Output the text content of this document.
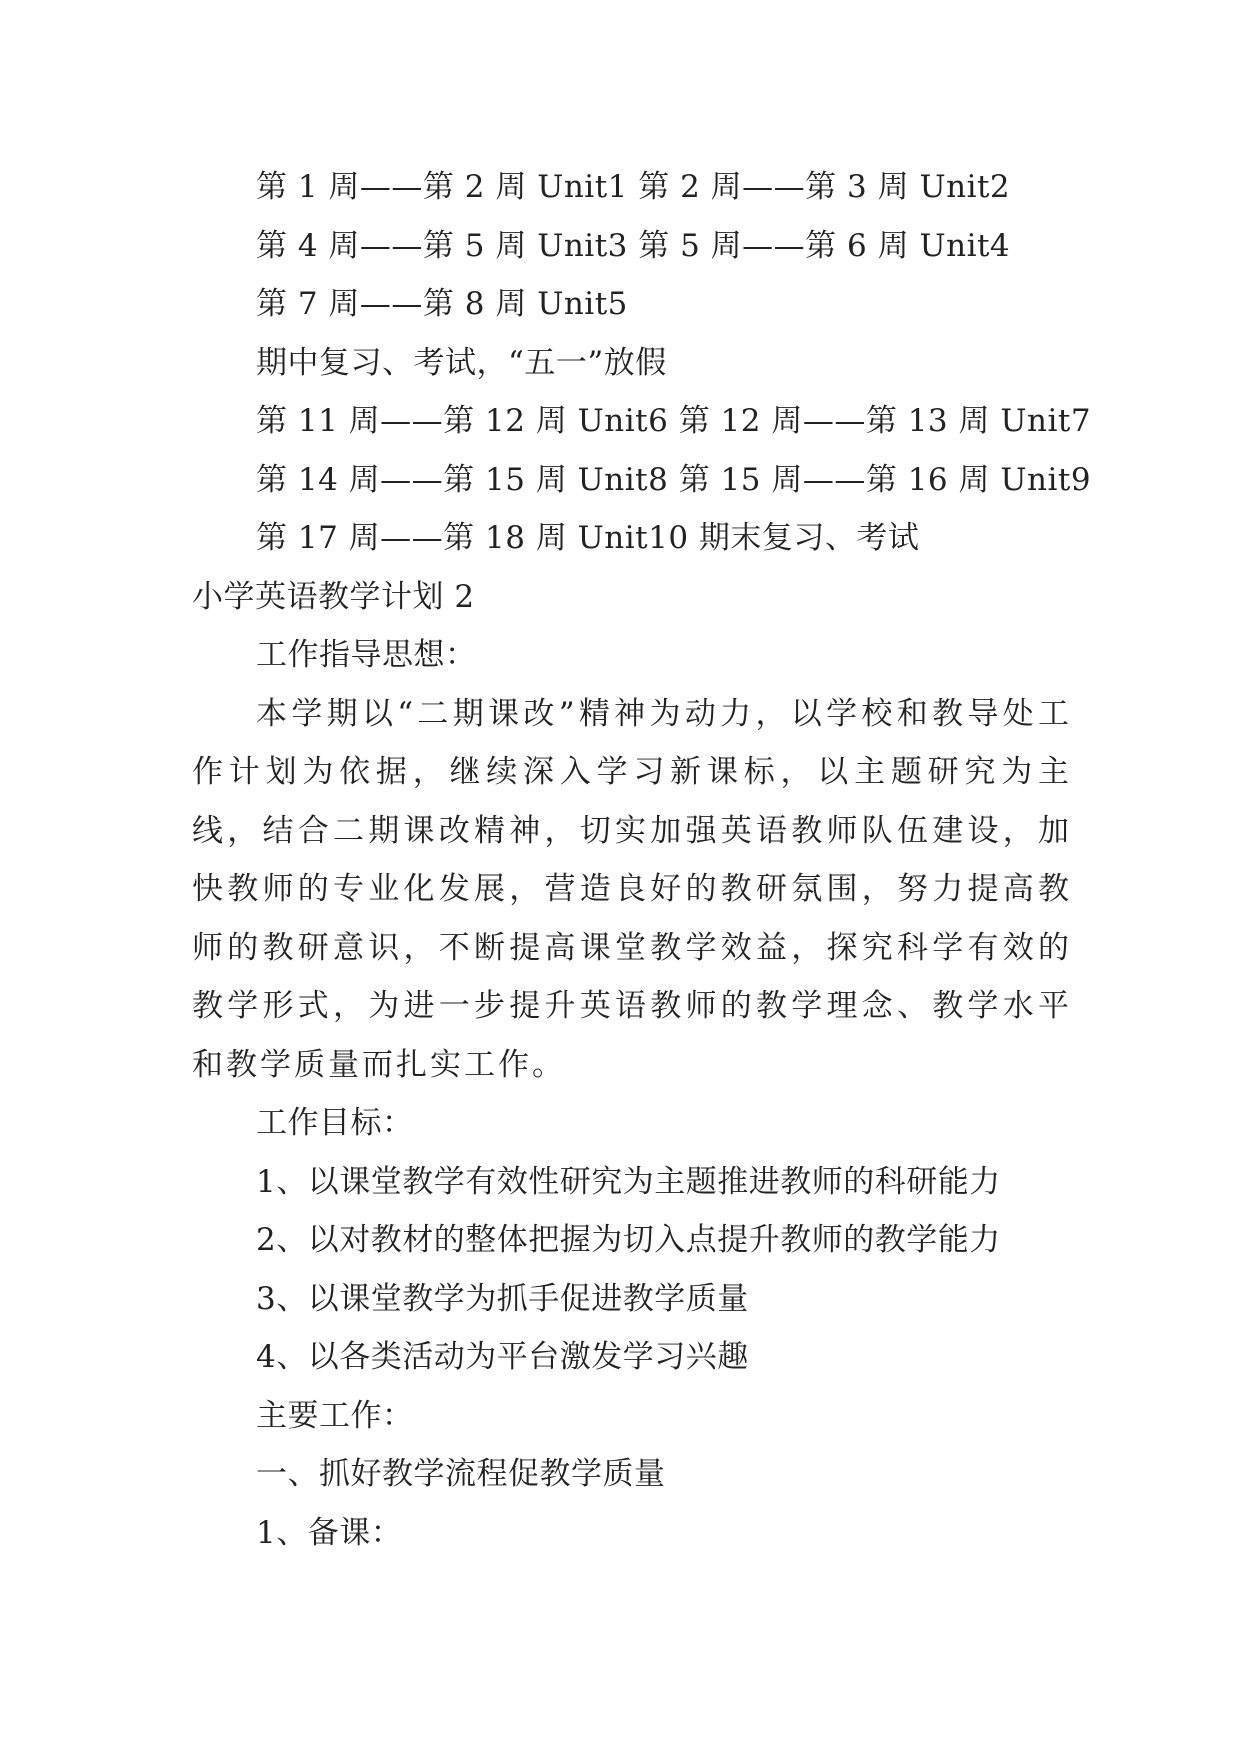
第 1 周——第 2 周 Unit1 第 2 周——第 3 周 Unit2

第 4 周——第 5 周 Unit3 第 5 周——第 6 周 Unit4

第 7 周——第 8 周 Unit5

期中复习、考试，“五一”放假

第 11 周——第 12 周 Unit6 第 12 周——第 13 周 Unit7

第 14 周——第 15 周 Unit8 第 15 周——第 16 周 Unit9

第 17 周——第 18 周 Unit10 期末复习、考试

小学英语教学计划 2

工作指导思想：

本学期以“二期课改”精神为动力，以学校和教导处工作计划为依据，继续深入学习新课标，以主题研究为主线，结合二期课改精神，切实加强英语教师队伍建设，加快教师的专业化发展，营造良好的教研氛围，努力提高教师的教研意识，不断提高课堂教学效益，探究科学有效的教学形式，为进一步提升英语教师的教学理念、教学水平和教学质量而扎实工作。

工作目标：

1、以课堂教学有效性研究为主题推进教师的科研能力

2、以对教材的整体把握为切入点提升教师的教学能力

3、以课堂教学为抓手促进教学质量

4、以各类活动为平台激发学习兴趣

主要工作：

一、抓好教学流程促教学质量

1、备课：
